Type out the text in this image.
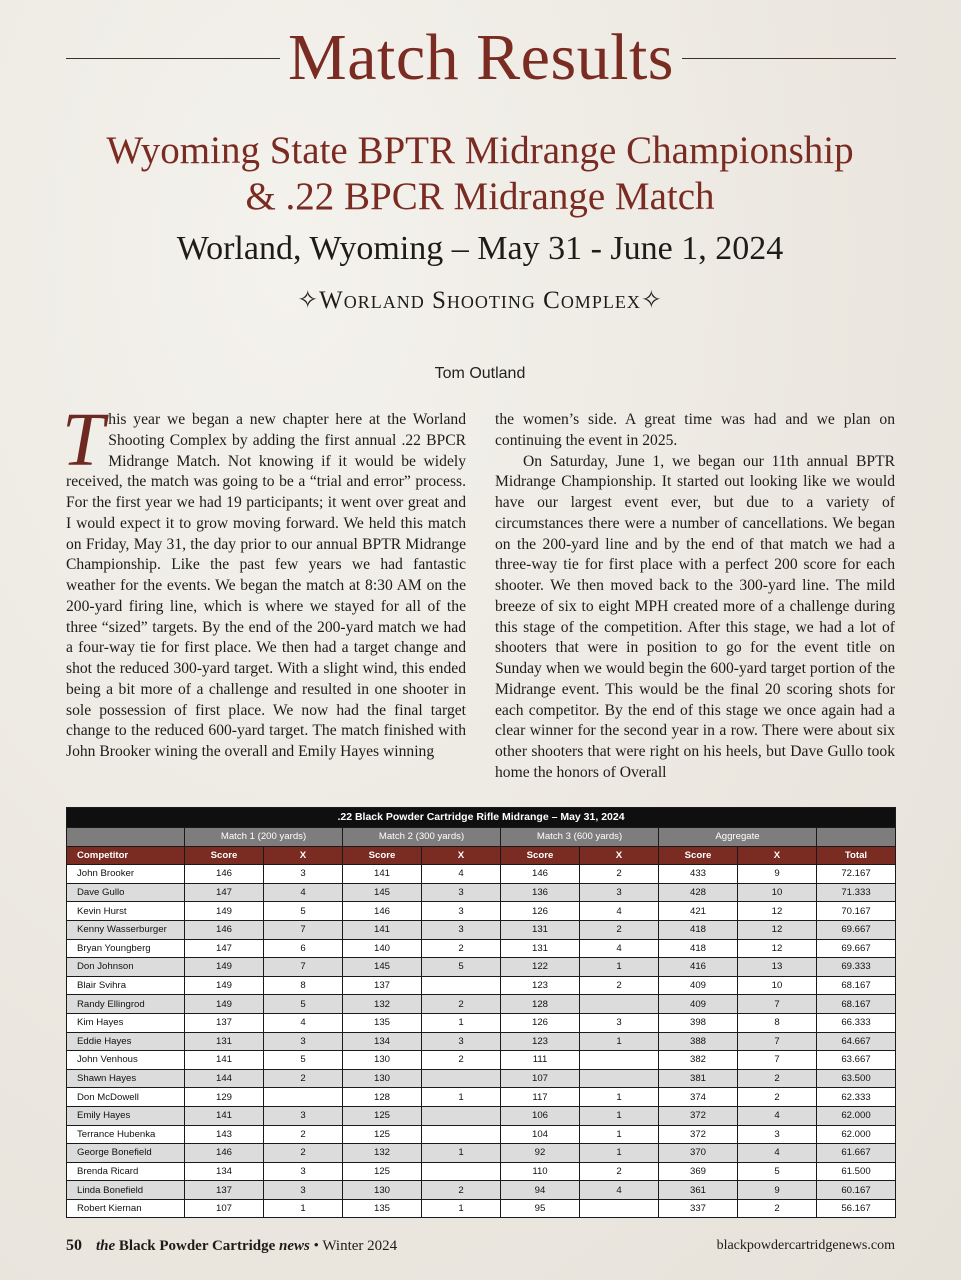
Match Results
Wyoming State BPTR Midrange Championship
& .22 BPCR Midrange Match
Worland, Wyoming – May 31 - June 1, 2024
✧Worland Shooting Complex✧
Tom Outland
T his year we began a new chapter here at the Worland Shooting Complex by adding the first annual .22 BPCR Midrange Match. Not knowing if it would be widely received, the match was going to be a “trial and error” process. For the first year we had 19 participants; it went over great and I would expect it to grow moving forward. We held this match on Friday, May 31, the day prior to our annual BPTR Midrange Championship. Like the past few years we had fantastic weather for the events. We began the match at 8:30 AM on the 200-yard firing line, which is where we stayed for all of the three “sized” targets. By the end of the 200-yard match we had a four-way tie for first place. We then had a target change and shot the reduced 300-yard target. With a slight wind, this ended being a bit more of a challenge and resulted in one shooter in sole possession of first place. We now had the final target change to the reduced 600-yard target. The match finished with John Brooker wining the overall and Emily Hayes winning

the women’s side. A great time was had and we plan on continuing the event in 2025.

On Saturday, June 1, we began our 11th annual BPTR Midrange Championship. It started out looking like we would have our largest event ever, but due to a variety of circumstances there were a number of cancellations. We began on the 200-yard line and by the end of that match we had a three-way tie for first place with a perfect 200 score for each shooter. We then moved back to the 300-yard line. The mild breeze of six to eight MPH created more of a challenge during this stage of the competition. After this stage, we had a lot of shooters that were in position to go for the event title on Sunday when we would begin the 600-yard target portion of the Midrange event. This would be the final 20 scoring shots for each competitor. By the end of this stage we once again had a clear winner for the second year in a row. There were about six other shooters that were right on his heels, but Dave Gullo took home the honors of Overall

.22 Black Powder Cartridge Rifle Midrange – May 31, 2024									
	Match 1 (200 yards)		Match 2 (300 yards)		Match 3 (600 yards)		Aggregate		
Competitor	Score	X	Score	X	Score	X	Score	X	Total
John Brooker	146	3	141	4	146	2	433	9	72.167
Dave Gullo	147	4	145	3	136	3	428	10	71.333
Kevin Hurst	149	5	146	3	126	4	421	12	70.167
Kenny Wasserburger	146	7	141	3	131	2	418	12	69.667
Bryan Youngberg	147	6	140	2	131	4	418	12	69.667
Don Johnson	149	7	145	5	122	1	416	13	69.333
Blair Svihra	149	8	137		123	2	409	10	68.167
Randy Ellingrod	149	5	132	2	128		409	7	68.167
Kim Hayes	137	4	135	1	126	3	398	8	66.333
Eddie Hayes	131	3	134	3	123	1	388	7	64.667
John Venhous	141	5	130	2	111		382	7	63.667
Shawn Hayes	144	2	130		107		381	2	63.500
Don McDowell	129		128	1	117	1	374	2	62.333
Emily Hayes	141	3	125		106	1	372	4	62.000
Terrance Hubenka	143	2	125		104	1	372	3	62.000
George Bonefield	146	2	132	1	92	1	370	4	61.667
Brenda Ricard	134	3	125		110	2	369	5	61.500
Linda Bonefield	137	3	130	2	94	4	361	9	60.167
Robert Kiernan	107	1	135	1	95		337	2	56.167
50 the Black Powder Cartridge news • Winter 2024	blackpowdercartridgenews.com
